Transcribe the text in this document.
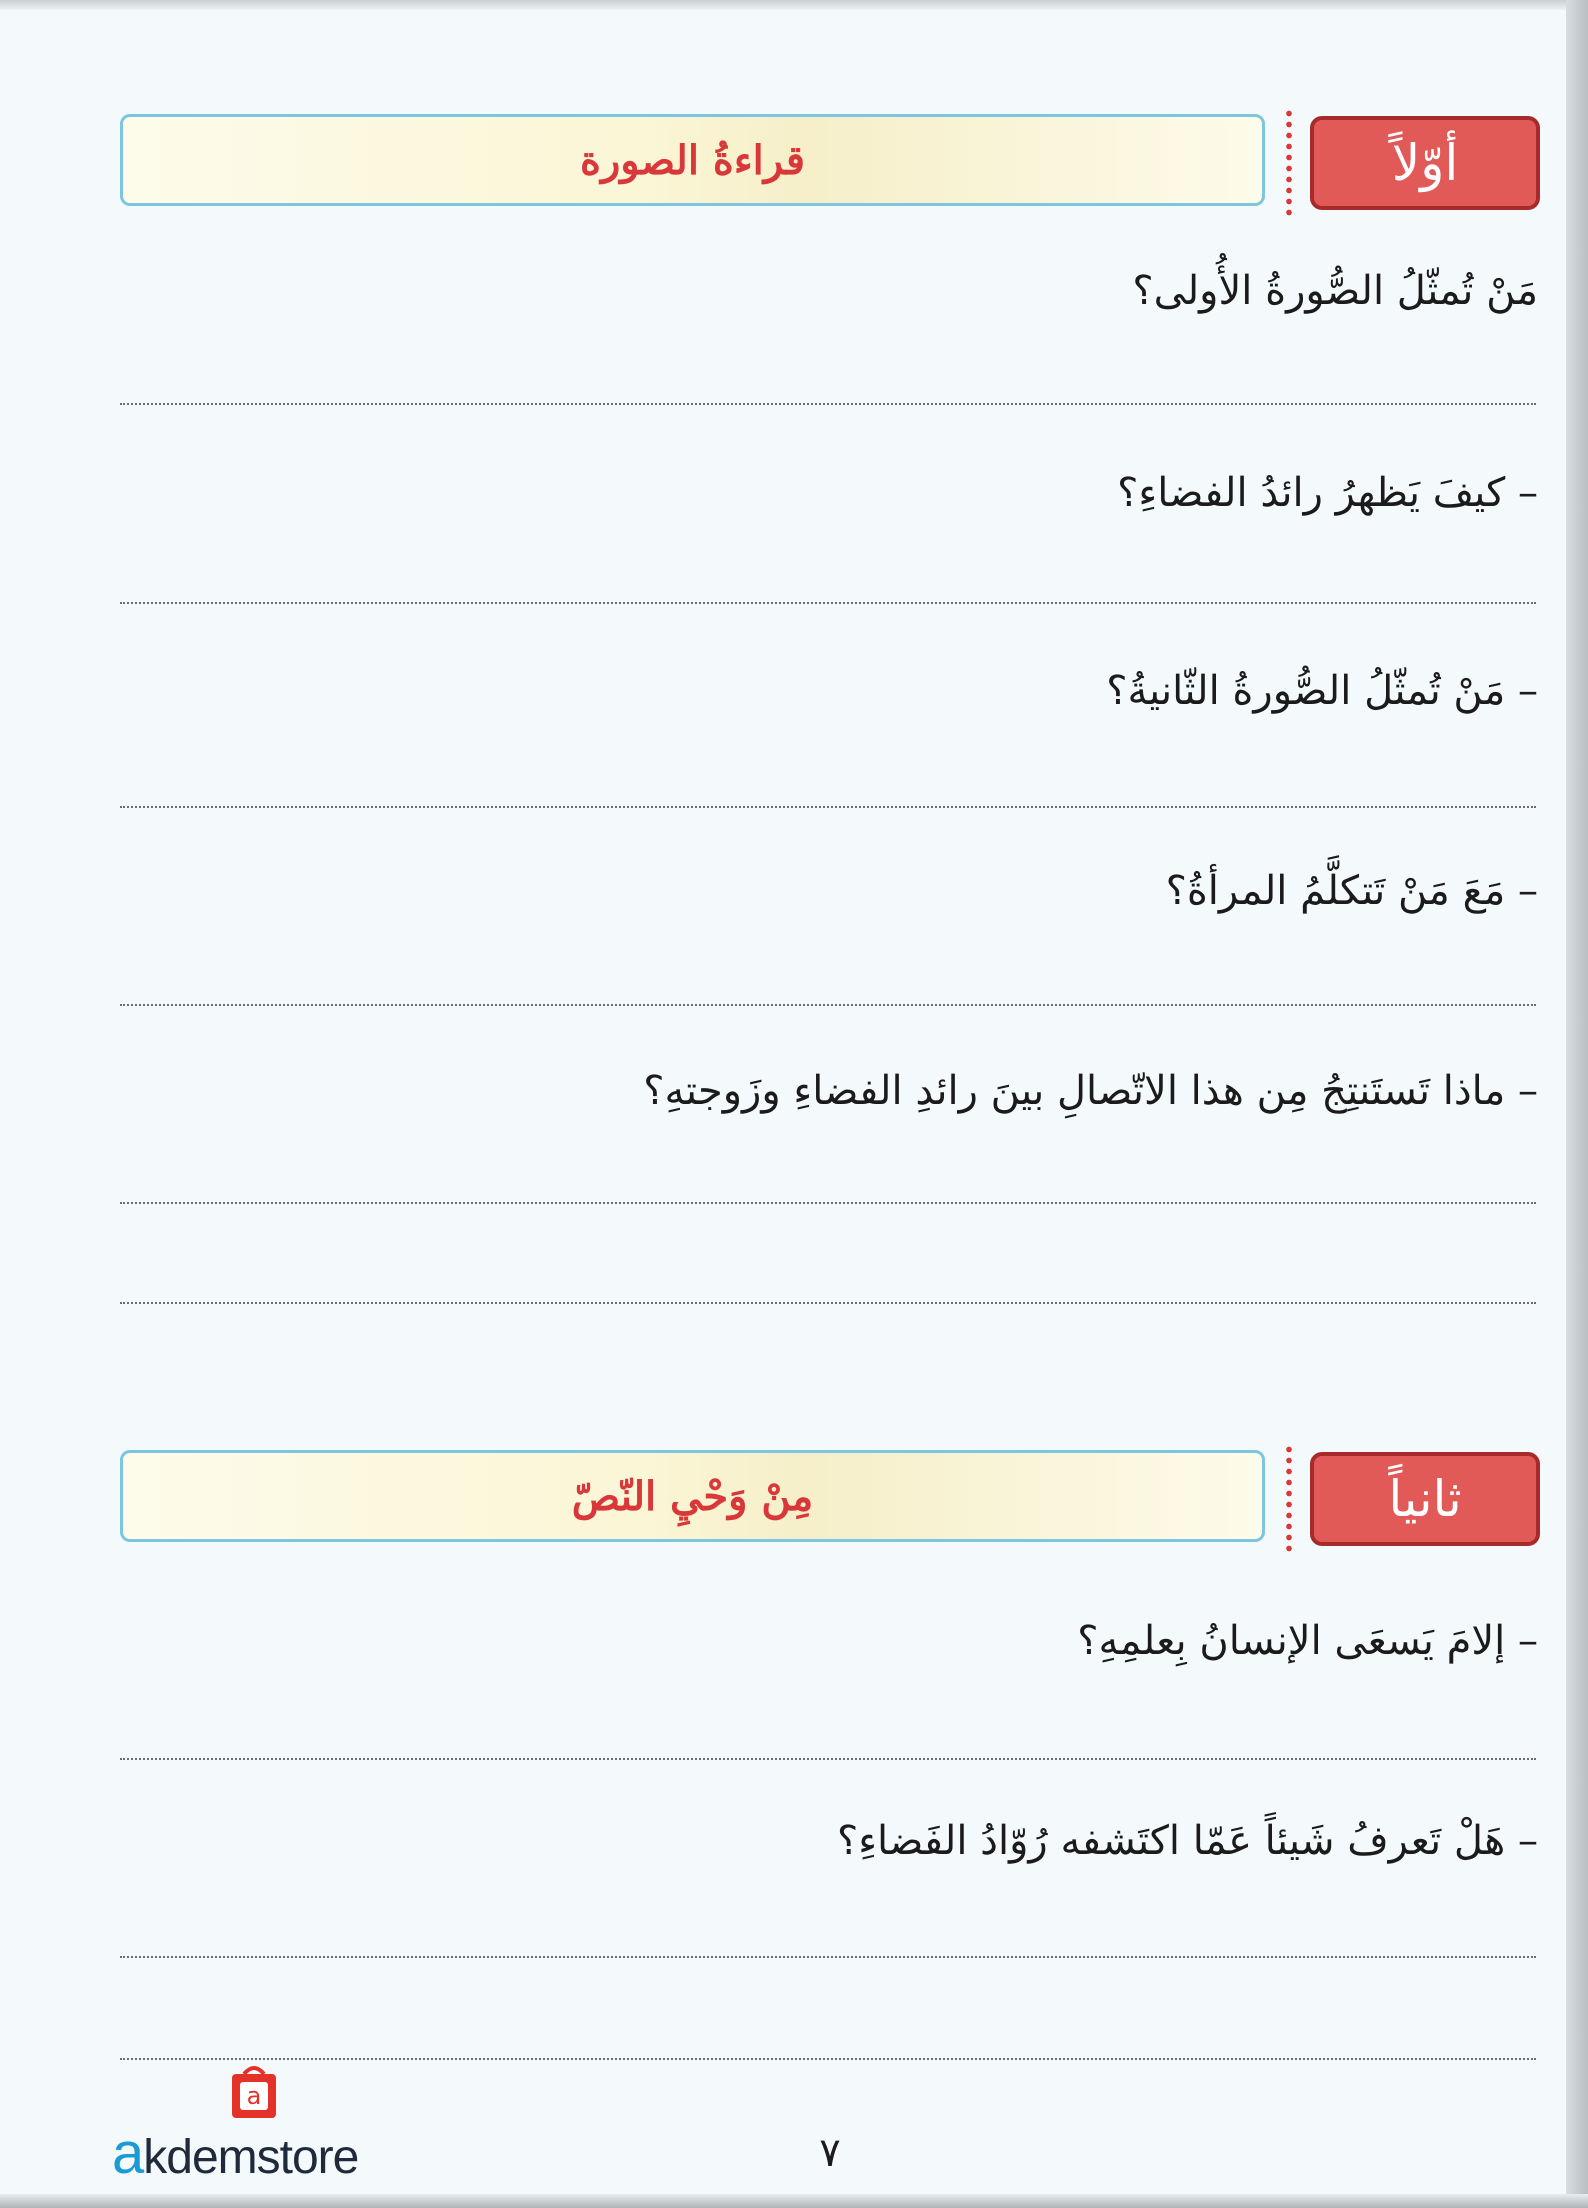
قراءةُ الصورة	أوّلاً
مَنْ تُمثّلُ الصُّورةُ الأُولى؟
– كيفَ يَظهرُ رائدُ الفضاءِ؟
– مَنْ تُمثّلُ الصُّورةُ الثّانيةُ؟
– مَعَ مَنْ تَتكلَّمُ المرأةُ؟
– ماذا تَستَنتِجُ مِن هذا الاتّصالِ بينَ رائدِ الفضاءِ وزَوجتهِ؟
مِنْ وَحْيِ النّصّ	ثانياً
– إلامَ يَسعَى الإنسانُ بِعلمِهِ؟
– هَلْ تَعرفُ شَيئاً عَمّا اكتَشفه رُوّادُ الفَضاءِ؟
a
akdemstore	٧
